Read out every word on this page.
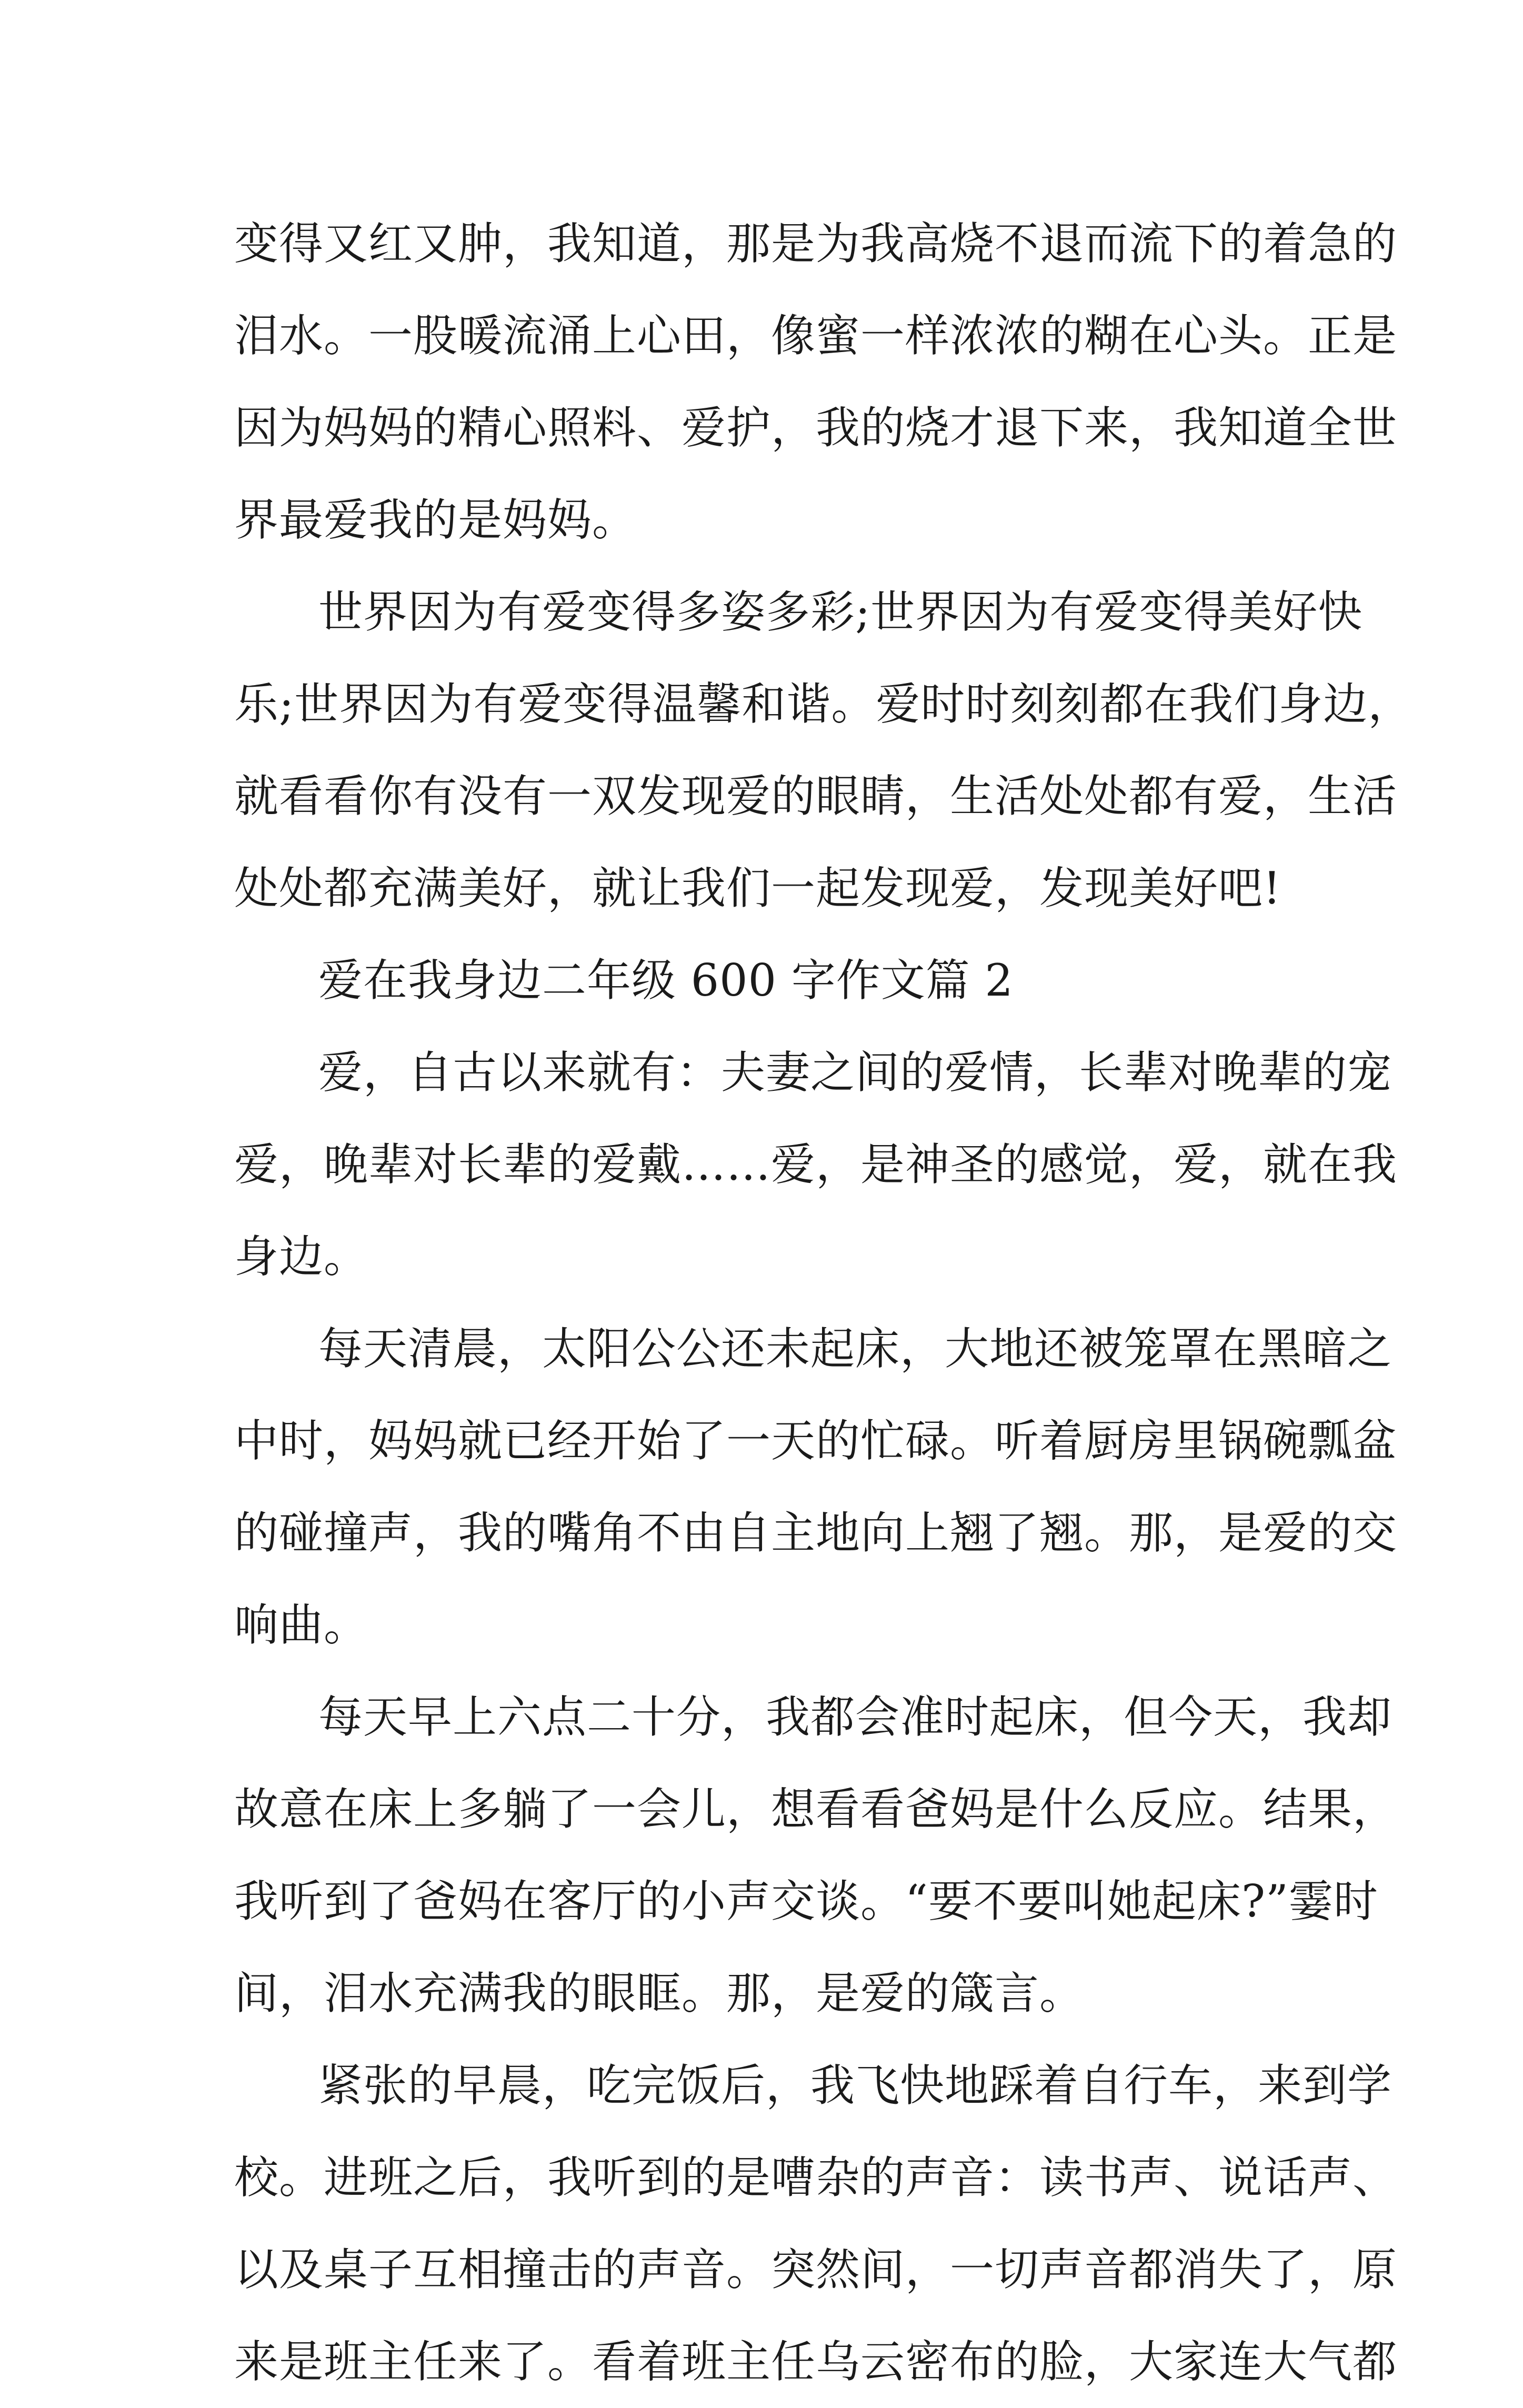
变得又红又肿，我知道，那是为我高烧不退而流下的着急的
泪水。一股暖流涌上心田，像蜜一样浓浓的糊在心头。正是
因为妈妈的精心照料、爱护，我的烧才退下来，我知道全世
界最爱我的是妈妈。
世界因为有爱变得多姿多彩;世界因为有爱变得美好快
乐;世界因为有爱变得温馨和谐。爱时时刻刻都在我们身边，
就看看你有没有一双发现爱的眼睛，生活处处都有爱，生活
处处都充满美好，就让我们一起发现爱，发现美好吧!
爱在我身边二年级 600 字作文篇 2
爱，自古以来就有：夫妻之间的爱情，长辈对晚辈的宠
爱，晚辈对长辈的爱戴……爱，是神圣的感觉，爱，就在我
身边。
每天清晨，太阳公公还未起床，大地还被笼罩在黑暗之
中时，妈妈就已经开始了一天的忙碌。听着厨房里锅碗瓢盆
的碰撞声，我的嘴角不由自主地向上翘了翘。那，是爱的交
响曲。
每天早上六点二十分，我都会准时起床，但今天，我却
故意在床上多躺了一会儿，想看看爸妈是什么反应。结果，
我听到了爸妈在客厅的小声交谈。“要不要叫她起床?”霎时
间，泪水充满我的眼眶。那，是爱的箴言。
紧张的早晨，吃完饭后，我飞快地踩着自行车，来到学
校。进班之后，我听到的是嘈杂的声音：读书声、说话声、
以及桌子互相撞击的声音。突然间，一切声音都消失了，原
来是班主任来了。看着班主任乌云密布的脸，大家连大气都
